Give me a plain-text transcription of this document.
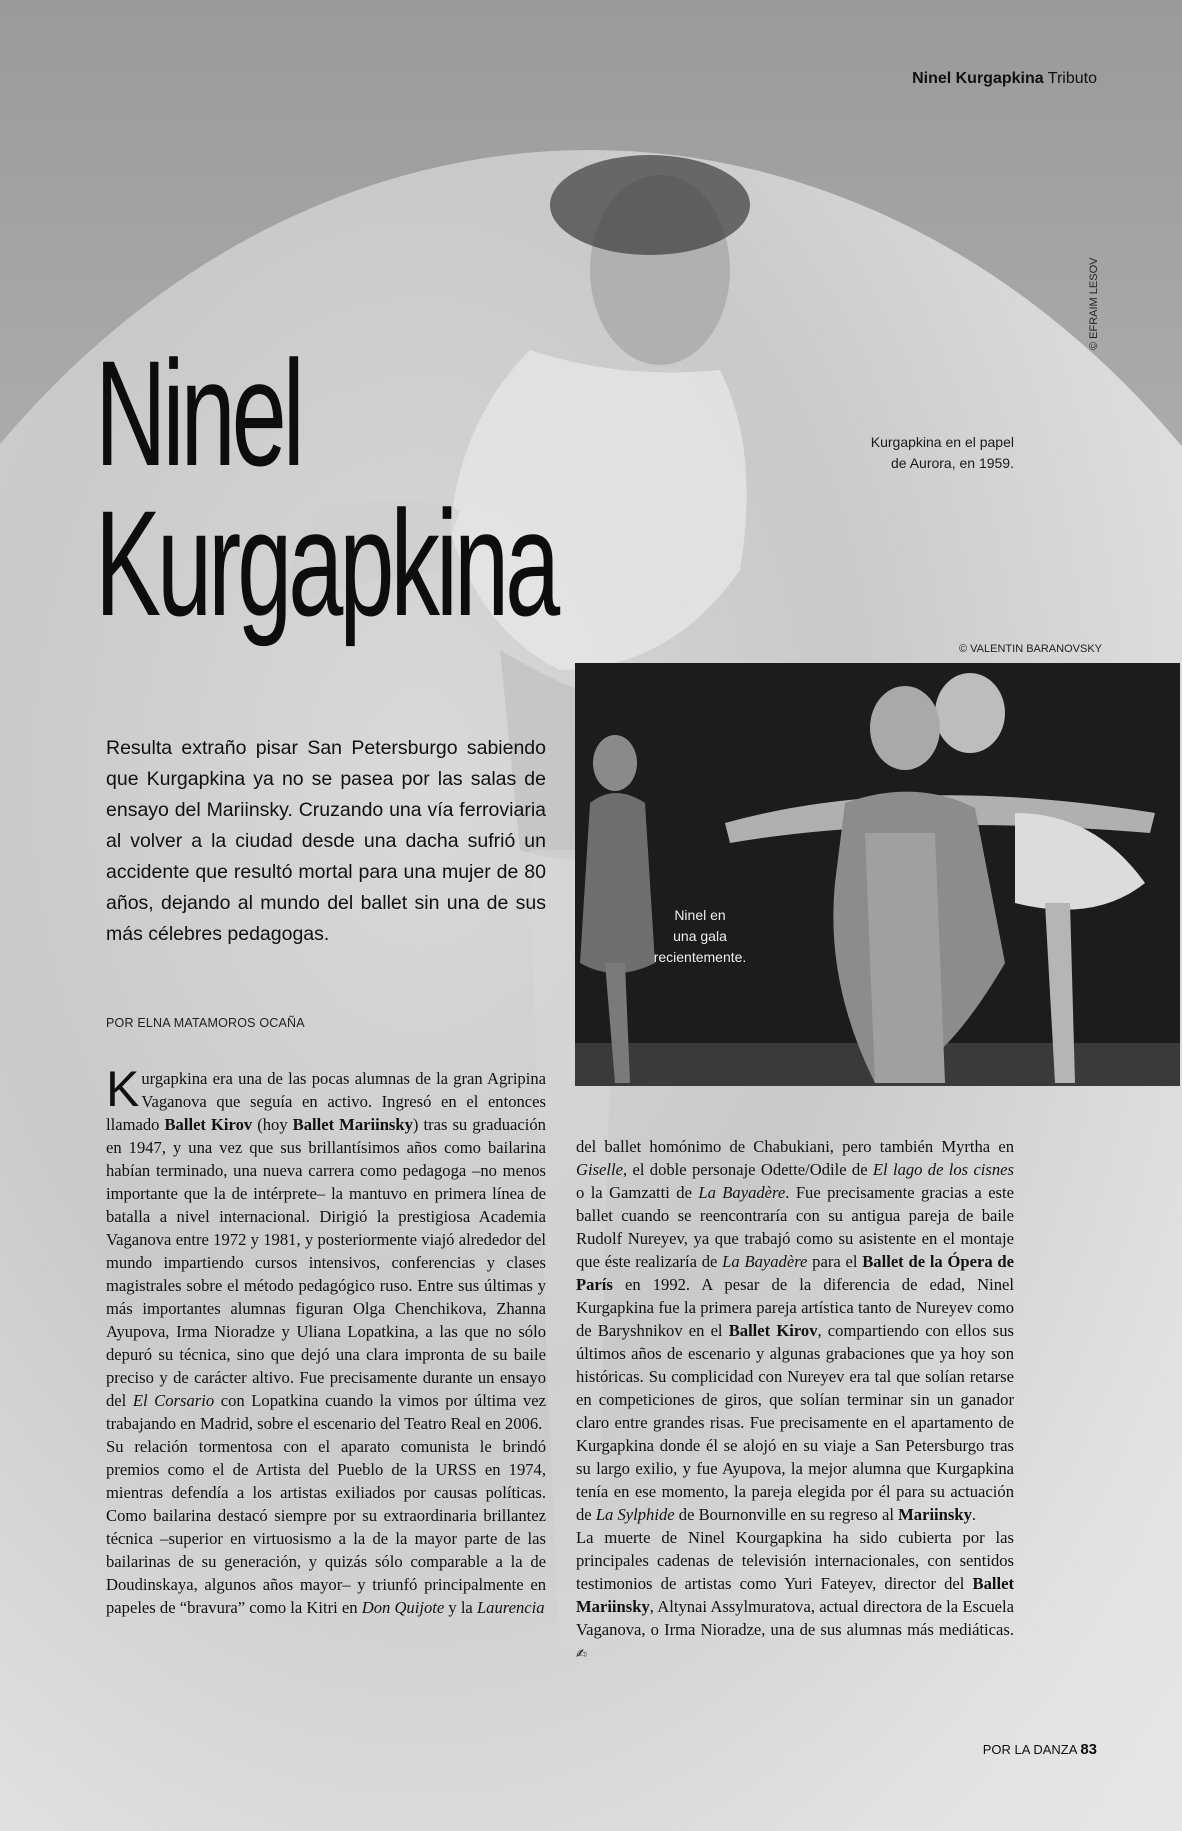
Ninel Kurgapkina Tributo
Ninel
Kurgapkina
© EFRAIM LESOV
Kurgapkina en el papel
de Aurora, en 1959.
© VALENTIN BARANOVSKY
Ninel en
una gala
recientemente.

Resulta extraño pisar San Petersburgo sabiendo que Kurgapkina ya no se pasea por las salas de ensayo del Mariinsky. Cruzando una vía ferroviaria al volver a la ciudad desde una dacha sufrió un accidente que resultó mortal para una mujer de 80 años, dejando al mundo del ballet sin una de sus más célebres pedagogas.

POR ELNA MATAMOROS OCAÑA

Kurgapkina era una de las pocas alumnas de la gran Agripina Vaganova que seguía en activo. Ingresó en el entonces llamado Ballet Kirov (hoy Ballet Mariinsky) tras su graduación en 1947, y una vez que sus brillantísimos años como bailarina habían terminado, una nueva carrera como pedagoga –no menos importante que la de intérprete– la mantuvo en primera línea de batalla a nivel internacional. Dirigió la prestigiosa Academia Vaganova entre 1972 y 1981, y posteriormente viajó alrededor del mundo impartiendo cursos intensivos, conferencias y clases magistrales sobre el método pedagógico ruso. Entre sus últimas y más importantes alumnas figuran Olga Chenchikova, Zhanna Ayupova, Irma Nioradze y Uliana Lopatkina, a las que no sólo depuró su técnica, sino que dejó una clara impronta de su baile preciso y de carácter altivo. Fue precisamente durante un ensayo del El Corsario con Lopatkina cuando la vimos por última vez trabajando en Madrid, sobre el escenario del Teatro Real en 2006.

Su relación tormentosa con el aparato comunista le brindó premios como el de Artista del Pueblo de la URSS en 1974, mientras defendía a los artistas exiliados por causas políticas. Como bailarina destacó siempre por su extraordinaria brillantez técnica –superior en virtuosismo a la de la mayor parte de las bailarinas de su generación, y quizás sólo comparable a la de Doudinskaya, algunos años mayor– y triunfó principalmente en papeles de “bravura” como la Kitri en Don Quijote y la Laurencia

del ballet homónimo de Chabukiani, pero también Myrtha en Giselle, el doble personaje Odette/Odile de El lago de los cisnes o la Gamzatti de La Bayadère. Fue precisamente gracias a este ballet cuando se reencontraría con su antigua pareja de baile Rudolf Nureyev, ya que trabajó como su asistente en el montaje que éste realizaría de La Bayadère para el Ballet de la Ópera de París en 1992. A pesar de la diferencia de edad, Ninel Kurgapkina fue la primera pareja artística tanto de Nureyev como de Baryshnikov en el Ballet Kirov, compartiendo con ellos sus últimos años de escenario y algunas grabaciones que ya hoy son históricas. Su complicidad con Nureyev era tal que solían retarse en competiciones de giros, que solían terminar sin un ganador claro entre grandes risas. Fue precisamente en el apartamento de Kurgapkina donde él se alojó en su viaje a San Petersburgo tras su largo exilio, y fue Ayupova, la mejor alumna que Kurgapkina tenía en ese momento, la pareja elegida por él para su actuación de La Sylphide de Bournonville en su regreso al Mariinsky.

La muerte de Ninel Kourgapkina ha sido cubierta por las principales cadenas de televisión internacionales, con sentidos testimonios de artistas como Yuri Fateyev, director del Ballet Mariinsky, Altynai Assylmuratova, actual directora de la Escuela Vaganova, o Irma Nioradze, una de sus alumnas más mediáticas. ✍

POR LA DANZA 83
